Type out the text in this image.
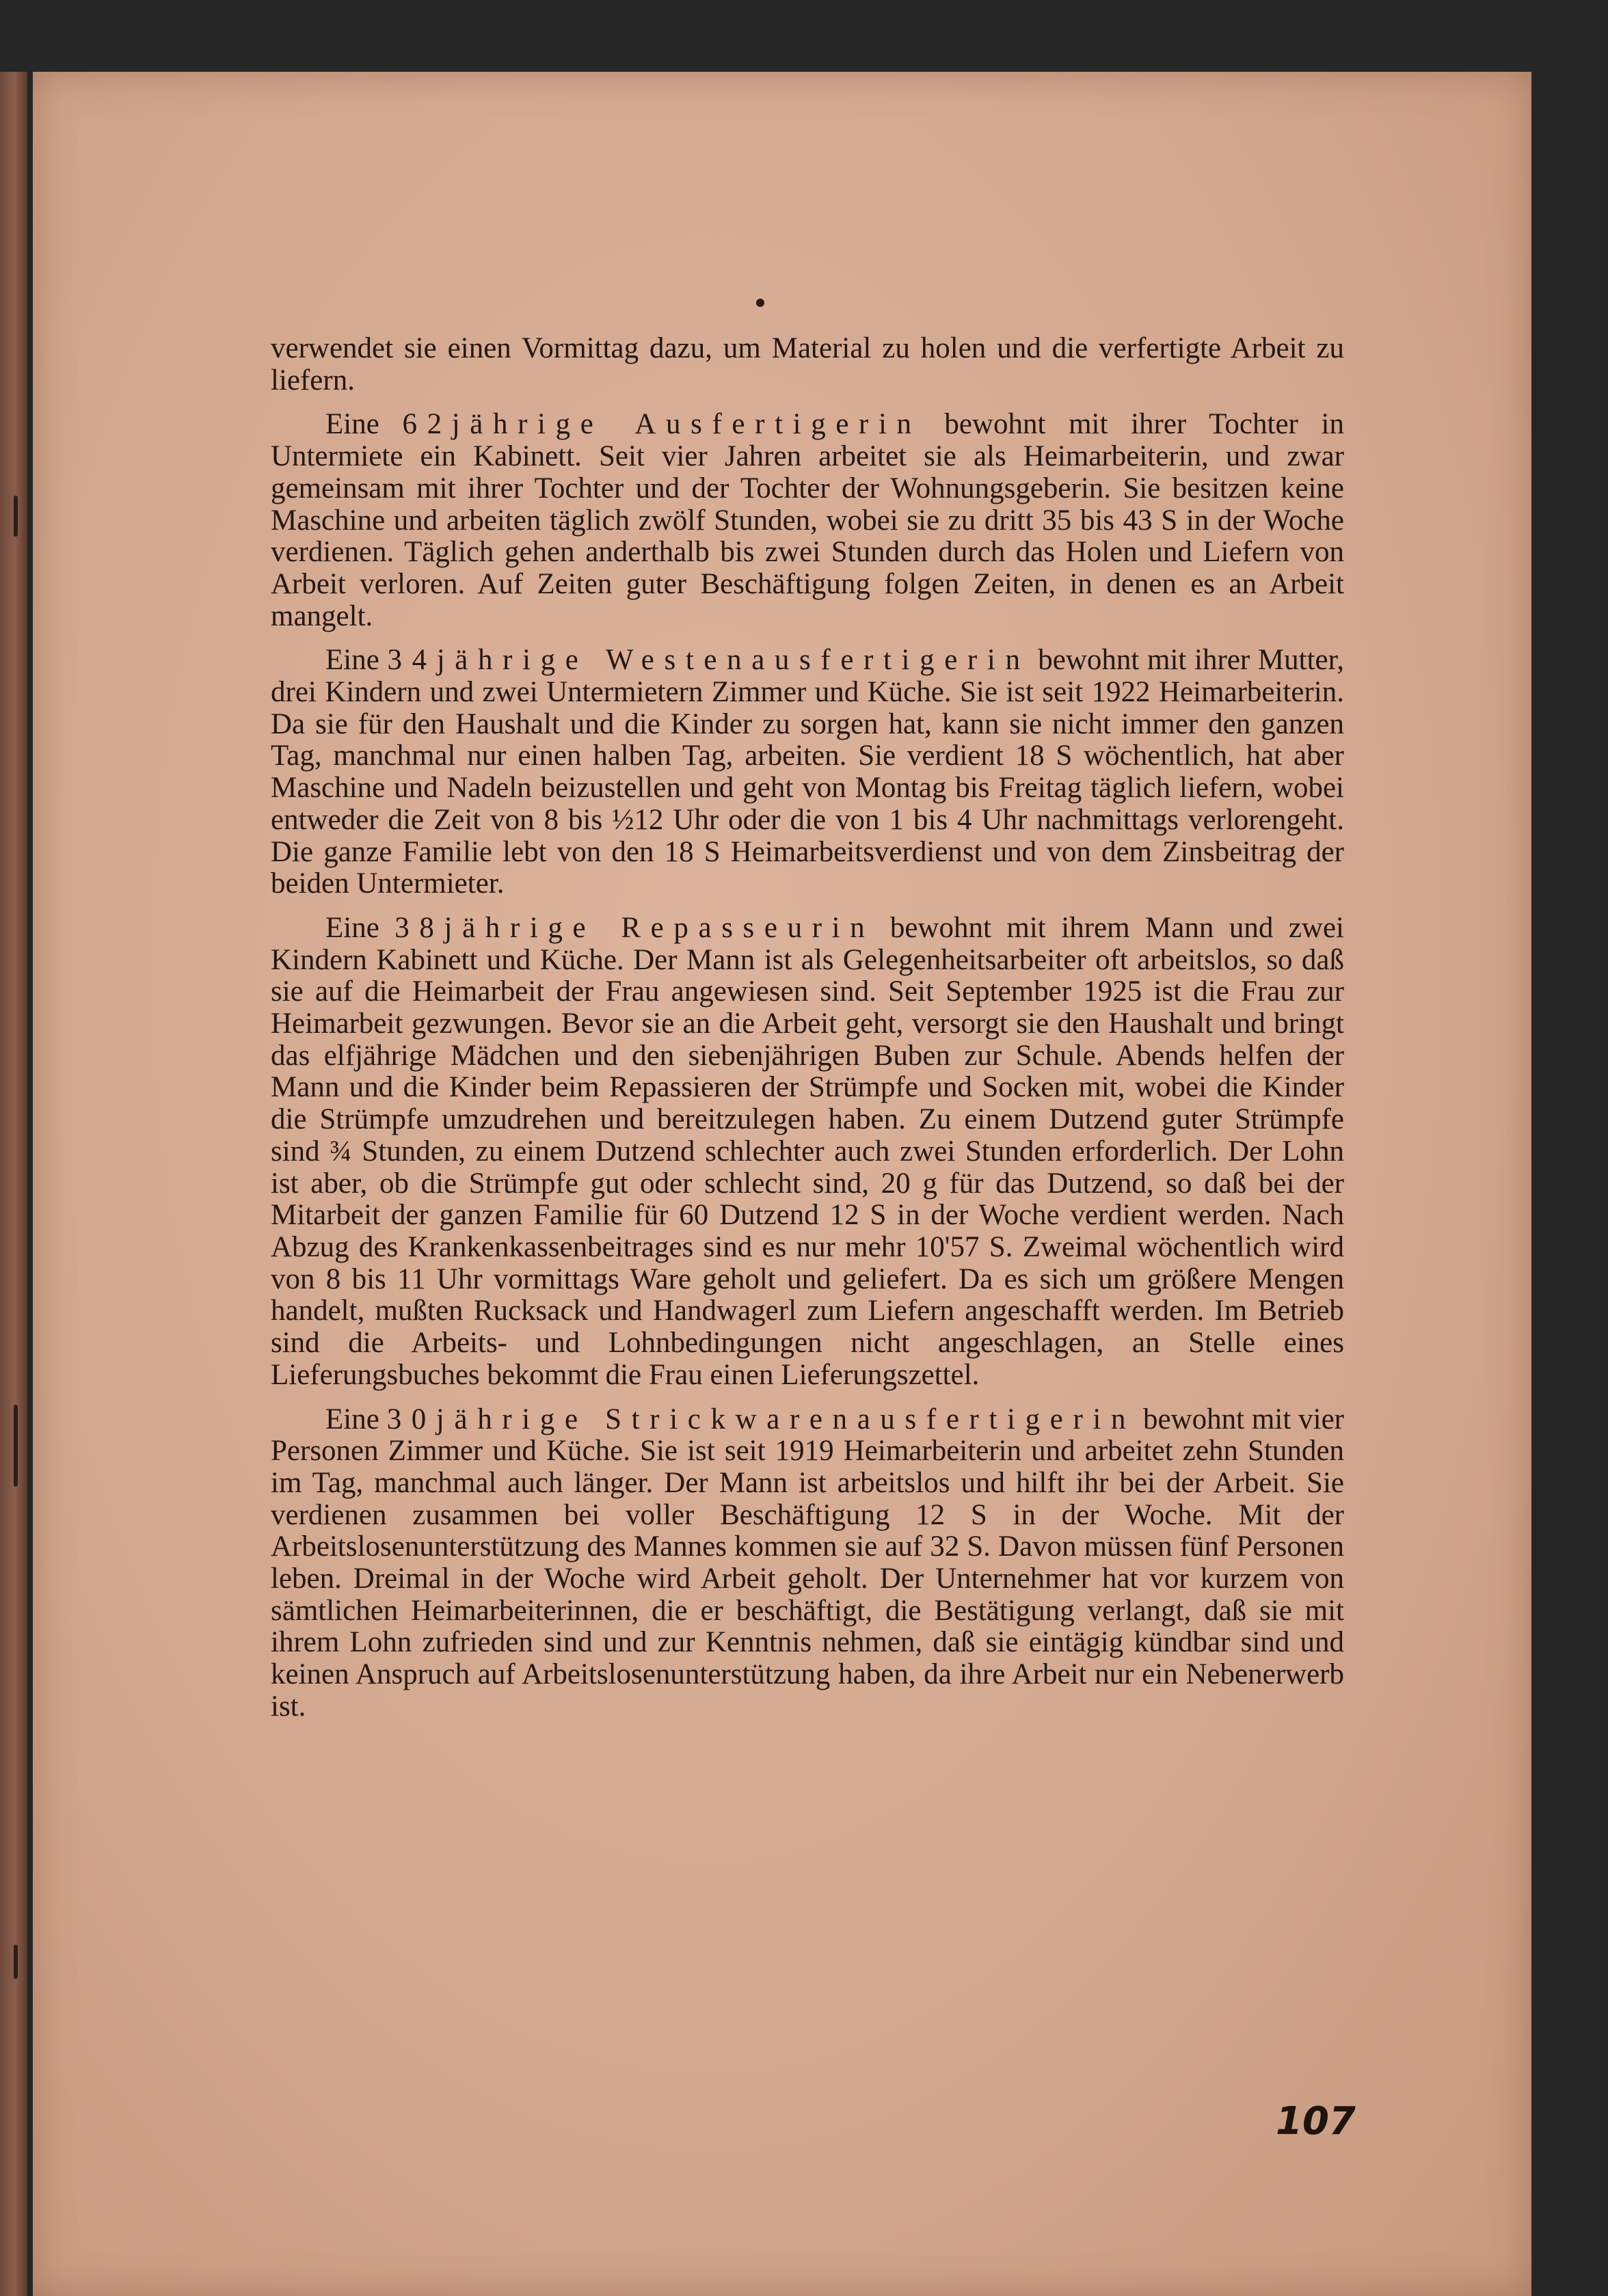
verwendet sie einen Vormittag dazu, um Material zu holen und die verfertigte Arbeit zu liefern.

Eine 62jährige Ausfertigerin bewohnt mit ihrer Tochter in Untermiete ein Kabinett. Seit vier Jahren arbeitet sie als Heimarbeiterin, und zwar gemeinsam mit ihrer Tochter und der Tochter der Wohnungsgeberin. Sie besitzen keine Maschine und arbeiten täglich zwölf Stunden, wobei sie zu dritt 35 bis 43 S in der Woche verdienen. Täglich gehen anderthalb bis zwei Stunden durch das Holen und Liefern von Arbeit verloren. Auf Zeiten guter Beschäftigung folgen Zeiten, in denen es an Arbeit mangelt.

Eine 34jährige Westenausfertigerin bewohnt mit ihrer Mutter, drei Kindern und zwei Untermietern Zimmer und Küche. Sie ist seit 1922 Heimarbeiterin. Da sie für den Haushalt und die Kinder zu sorgen hat, kann sie nicht immer den ganzen Tag, manchmal nur einen halben Tag, arbeiten. Sie verdient 18 S wöchentlich, hat aber Maschine und Nadeln beizustellen und geht von Montag bis Freitag täglich liefern, wobei entweder die Zeit von 8 bis ½12 Uhr oder die von 1 bis 4 Uhr nachmittags verlorengeht. Die ganze Familie lebt von den 18 S Heimarbeitsverdienst und von dem Zinsbeitrag der beiden Untermieter.

Eine 38jährige Repasseurin bewohnt mit ihrem Mann und zwei Kindern Kabinett und Küche. Der Mann ist als Gelegenheitsarbeiter oft arbeitslos, so daß sie auf die Heimarbeit der Frau angewiesen sind. Seit September 1925 ist die Frau zur Heimarbeit gezwungen. Bevor sie an die Arbeit geht, versorgt sie den Haushalt und bringt das elfjährige Mädchen und den siebenjährigen Buben zur Schule. Abends helfen der Mann und die Kinder beim Repassieren der Strümpfe und Socken mit, wobei die Kinder die Strümpfe umzudrehen und bereitzulegen haben. Zu einem Dutzend guter Strümpfe sind ¾ Stunden, zu einem Dutzend schlechter auch zwei Stunden erforderlich. Der Lohn ist aber, ob die Strümpfe gut oder schlecht sind, 20 g für das Dutzend, so daß bei der Mitarbeit der ganzen Familie für 60 Dutzend 12 S in der Woche verdient werden. Nach Abzug des Krankenkassenbeitrages sind es nur mehr 10'57 S. Zweimal wöchentlich wird von 8 bis 11 Uhr vormittags Ware geholt und geliefert. Da es sich um größere Mengen handelt, mußten Rucksack und Handwagerl zum Liefern angeschafft werden. Im Betrieb sind die Arbeits- und Lohnbedingungen nicht angeschlagen, an Stelle eines Lieferungsbuches bekommt die Frau einen Lieferungszettel.

Eine 30jährige Strickwarenausfertigerin bewohnt mit vier Personen Zimmer und Küche. Sie ist seit 1919 Heimarbeiterin und arbeitet zehn Stunden im Tag, manchmal auch länger. Der Mann ist arbeitslos und hilft ihr bei der Arbeit. Sie verdienen zusammen bei voller Beschäftigung 12 S in der Woche. Mit der Arbeitslosenunterstützung des Mannes kommen sie auf 32 S. Davon müssen fünf Personen leben. Dreimal in der Woche wird Arbeit geholt. Der Unternehmer hat vor kurzem von sämtlichen Heimarbeiterinnen, die er beschäftigt, die Bestätigung verlangt, daß sie mit ihrem Lohn zufrieden sind und zur Kenntnis nehmen, daß sie eintägig kündbar sind und keinen Anspruch auf Arbeitslosenunterstützung haben, da ihre Arbeit nur ein Nebenerwerb ist.

107
